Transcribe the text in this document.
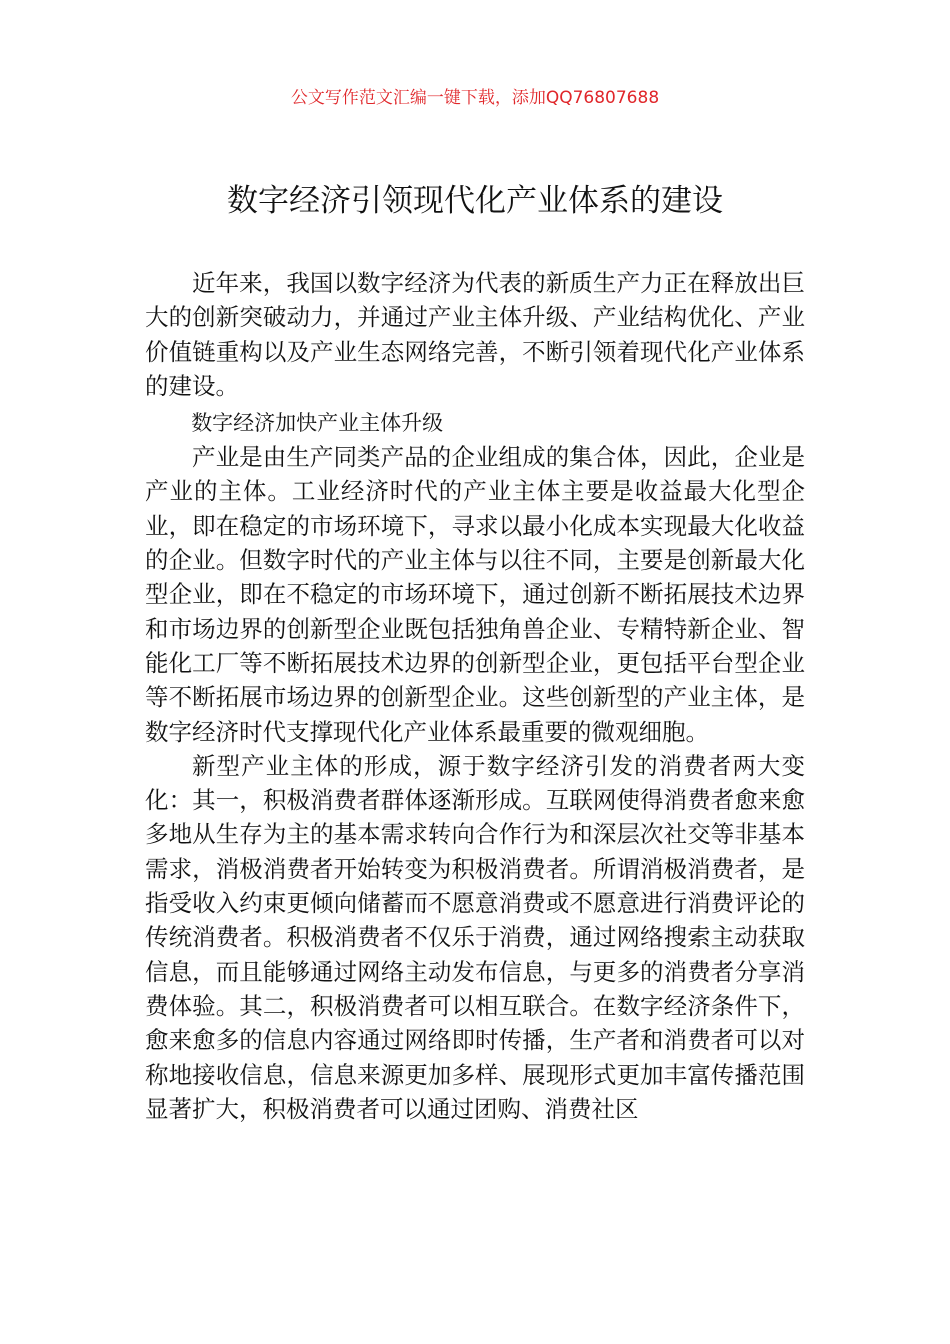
公文写作范文汇编一键下载，添加QQ76807688
数字经济引领现代化产业体系的建设

近年来，我国以数字经济为代表的新质生产力正在释放出巨大的创新突破动力，并通过产业主体升级、产业结构优化、产业价值链重构以及产业生态网络完善，不断引领着现代化产业体系的建设。

数字经济加快产业主体升级

产业是由生产同类产品的企业组成的集合体，因此，企业是产业的主体。工业经济时代的产业主体主要是收益最大化型企业，即在稳定的市场环境下，寻求以最小化成本实现最大化收益的企业。但数字时代的产业主体与以往不同，主要是创新最大化型企业，即在不稳定的市场环境下，通过创新不断拓展技术边界和市场边界的创新型企业既包括独角兽企业、专精特新企业、智能化工厂等不断拓展技术边界的创新型企业，更包括平台型企业等不断拓展市场边界的创新型企业。这些创新型的产业主体，是数字经济时代支撑现代化产业体系最重要的微观细胞。

新型产业主体的形成，源于数字经济引发的消费者两大变化：其一，积极消费者群体逐渐形成。互联网使得消费者愈来愈多地从生存为主的基本需求转向合作行为和深层次社交等非基本需求，消极消费者开始转变为积极消费者。所谓消极消费者，是指受收入约束更倾向储蓄而不愿意消费或不愿意进行消费评论的传统消费者。积极消费者不仅乐于消费，通过网络搜索主动获取信息，而且能够通过网络主动发布信息，与更多的消费者分享消费体验。其二，积极消费者可以相互联合。在数字经济条件下，愈来愈多的信息内容通过网络即时传播，生产者和消费者可以对称地接收信息，信息来源更加多样、展现形式更加丰富传播范围显著扩大，积极消费者可以通过团购、消费社区
